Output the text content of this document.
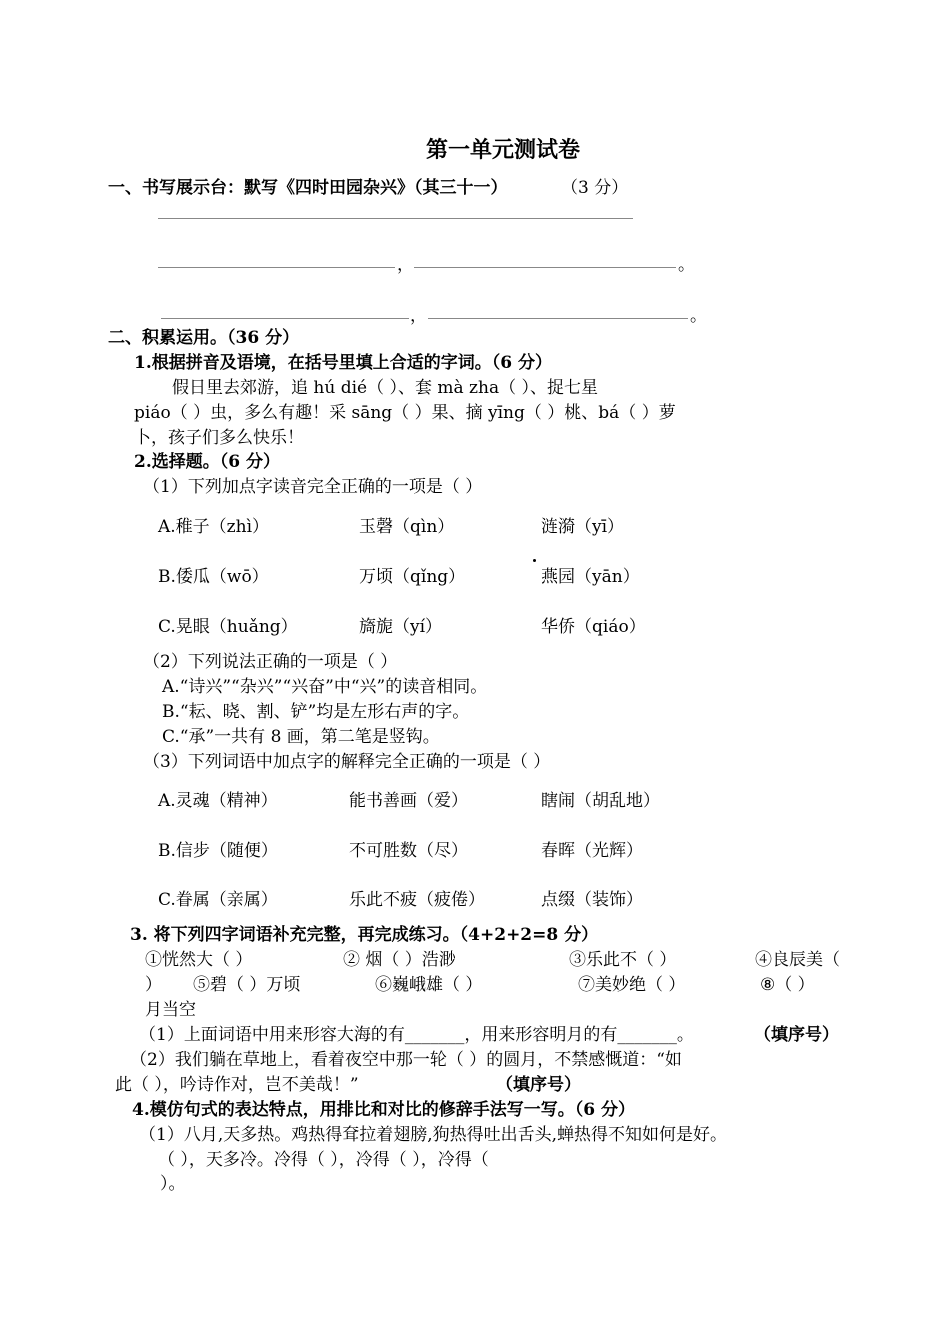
第一单元测试卷
一、书写展示台：默写《四时田园杂兴》（其三十一）	（3 分）
，	。
，	。
二、积累运用。（36 分）
1.根据拼音及语境，在括号里填上合适的字词。（6 分）
假日里去郊游，追 hú dié（ ）、套 mà zha（ ）、捉七星
piáo（ ）虫，多么有趣！采 sāng（ ）果、摘 yīng（ ）桃、bá（ ）萝
卜，孩子们多么快乐！
2.选择题。（6 分）
（1）下列加点字读音完全正确的一项是（ ）
A.稚子（zhì）	玉磬（qìn）	涟漪（yī）
B.倭瓜（wō）	万顷（qǐng）	燕园（yān）
C.晃眼（huǎng）	旖旎（yí）	华侨（qiáo）
（2）下列说法正确的一项是（ ）
A.“诗兴”“杂兴”“兴奋”中“兴”的读音相同。
B.“耘、晓、割、铲”均是左形右声的字。
C.“承”一共有 8 画，第二笔是竖钩。
（3）下列词语中加点字的解释完全正确的一项是（ ）
A.灵魂（精神）	能书善画（爱）	瞎闹（胡乱地）
B.信步（随便）	不可胜数（尽）	春晖（光辉）
C.眷属（亲属）	乐此不疲（疲倦）	点缀（装饰）
3. 将下列四字词语补充完整，再完成练习。（4+2+2=8 分）
①恍然大（ ）	② 烟（ ）浩渺	③乐此不（ ）	④良辰美（
） ⑤碧（ ）万顷	⑥巍峨雄（ ）	⑦美妙绝（ ）	⑧（ ）
月当空
（1）上面词语中用来形容大海的有_______，用来形容明月的有_______。	（填序号）
（2）我们躺在草地上，看着夜空中那一轮（ ）的圆月，不禁感慨道：“如
此（ ），吟诗作对，岂不美哉！”	（填序号）
4.模仿句式的表达特点，用排比和对比的修辞手法写一写。（6 分）
（1）八月,天多热。鸡热得耷拉着翅膀,狗热得吐出舌头,蝉热得不知如何是好。
（ ），天多冷。冷得（ ），冷得（ ），冷得（
）。
